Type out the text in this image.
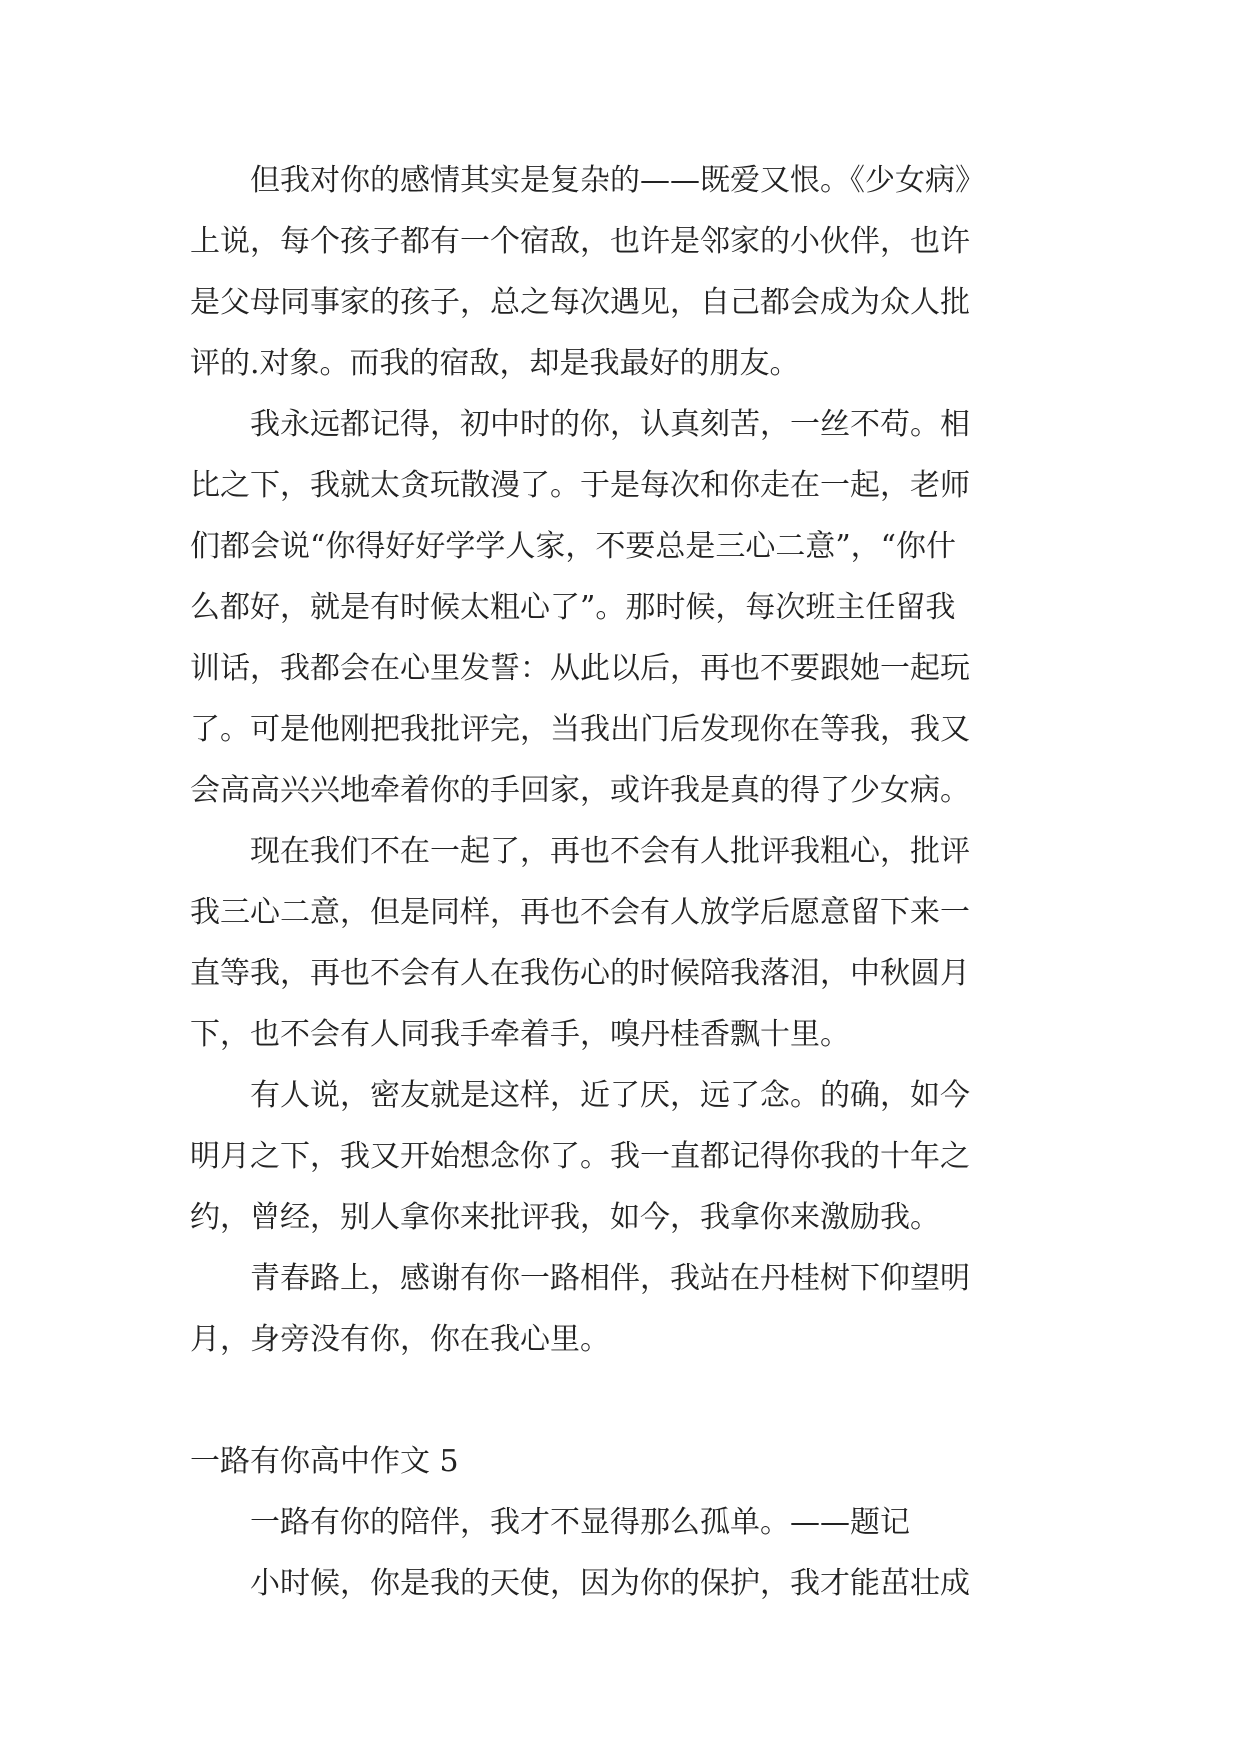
但我对你的感情其实是复杂的——既爱又恨。《少女病》
上说，每个孩子都有一个宿敌，也许是邻家的小伙伴，也许
是父母同事家的孩子，总之每次遇见，自己都会成为众人批
评的.对象。而我的宿敌，却是我最好的朋友。
我永远都记得，初中时的你，认真刻苦，一丝不苟。相
比之下，我就太贪玩散漫了。于是每次和你走在一起，老师
们都会说“你得好好学学人家，不要总是三心二意”，“你什
么都好，就是有时候太粗心了”。那时候，每次班主任留我
训话，我都会在心里发誓：从此以后，再也不要跟她一起玩
了。可是他刚把我批评完，当我出门后发现你在等我，我又
会高高兴兴地牵着你的手回家，或许我是真的得了少女病。
现在我们不在一起了，再也不会有人批评我粗心，批评
我三心二意，但是同样，再也不会有人放学后愿意留下来一
直等我，再也不会有人在我伤心的时候陪我落泪，中秋圆月
下，也不会有人同我手牵着手，嗅丹桂香飘十里。
有人说，密友就是这样，近了厌，远了念。的确，如今
明月之下，我又开始想念你了。我一直都记得你我的十年之
约，曾经，别人拿你来批评我，如今，我拿你来激励我。
青春路上，感谢有你一路相伴，我站在丹桂树下仰望明
月，身旁没有你，你在我心里。
一路有你高中作文 5
一路有你的陪伴，我才不显得那么孤单。——题记
小时候，你是我的天使，因为你的保护，我才能茁壮成
